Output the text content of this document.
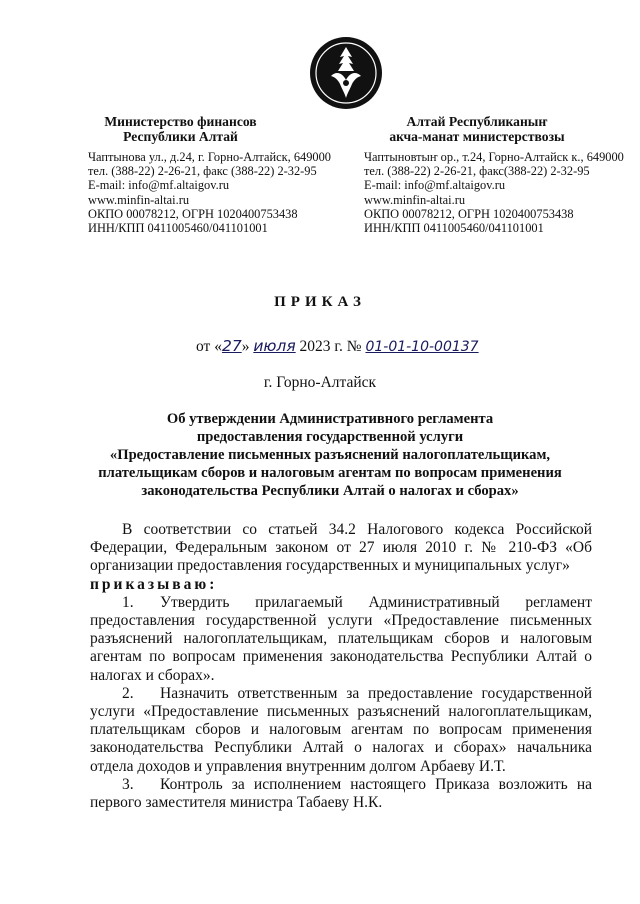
Министерство финансов
Республики Алтай
Чаптынова ул., д.24, г. Горно-Алтайск, 649000
тел. (388-22) 2-26-21, факс (388-22) 2-32-95
E-mail: info@mf.altaigov.ru
www.minfin-altai.ru
ОКПО 00078212, ОГРН 1020400753438
ИНН/КПП 0411005460/041101001
Алтай Республиканыҥ
акча-манат министерствозы
Чаптыновтыҥ ор., т.24, Горно-Алтайск к., 649000
тел. (388-22) 2-26-21, факс(388-22) 2-32-95
E-mail: info@mf.altaigov.ru
www.minfin-altai.ru
ОКПО 00078212, ОГРН 1020400753438
ИНН/КПП 0411005460/041101001
ПРИКАЗ
от «27» июля 2023 г. № 01-01-10-00137
г. Горно-Алтайск
Об утверждении Административного регламента
предоставления государственной услуги
«Предоставление письменных разъяснений налогоплательщикам,
плательщикам сборов и налоговым агентам по вопросам применения
законодательства Республики Алтай о налогах и сборах»

В соответствии со статьей 34.2 Налогового кодекса Российской Федерации, Федеральным законом от 27 июля 2010 г. № 210-ФЗ «Об организации предоставления государственных и муниципальных услуг»

приказываю:

1. Утвердить прилагаемый Административный регламент предоставления государственной услуги «Предоставление письменных разъяснений налогоплательщикам, плательщикам сборов и налоговым агентам по вопросам применения законодательства Республики Алтай о налогах и сборах».

2. Назначить ответственным за предоставление государственной услуги «Предоставление письменных разъяснений налогоплательщикам, плательщикам сборов и налоговым агентам по вопросам применения законодательства Республики Алтай о налогах и сборах» начальника отдела доходов и управления внутренним долгом Арбаеву И.Т.

3. Контроль за исполнением настоящего Приказа возложить на первого заместителя министра Табаеву Н.К.
